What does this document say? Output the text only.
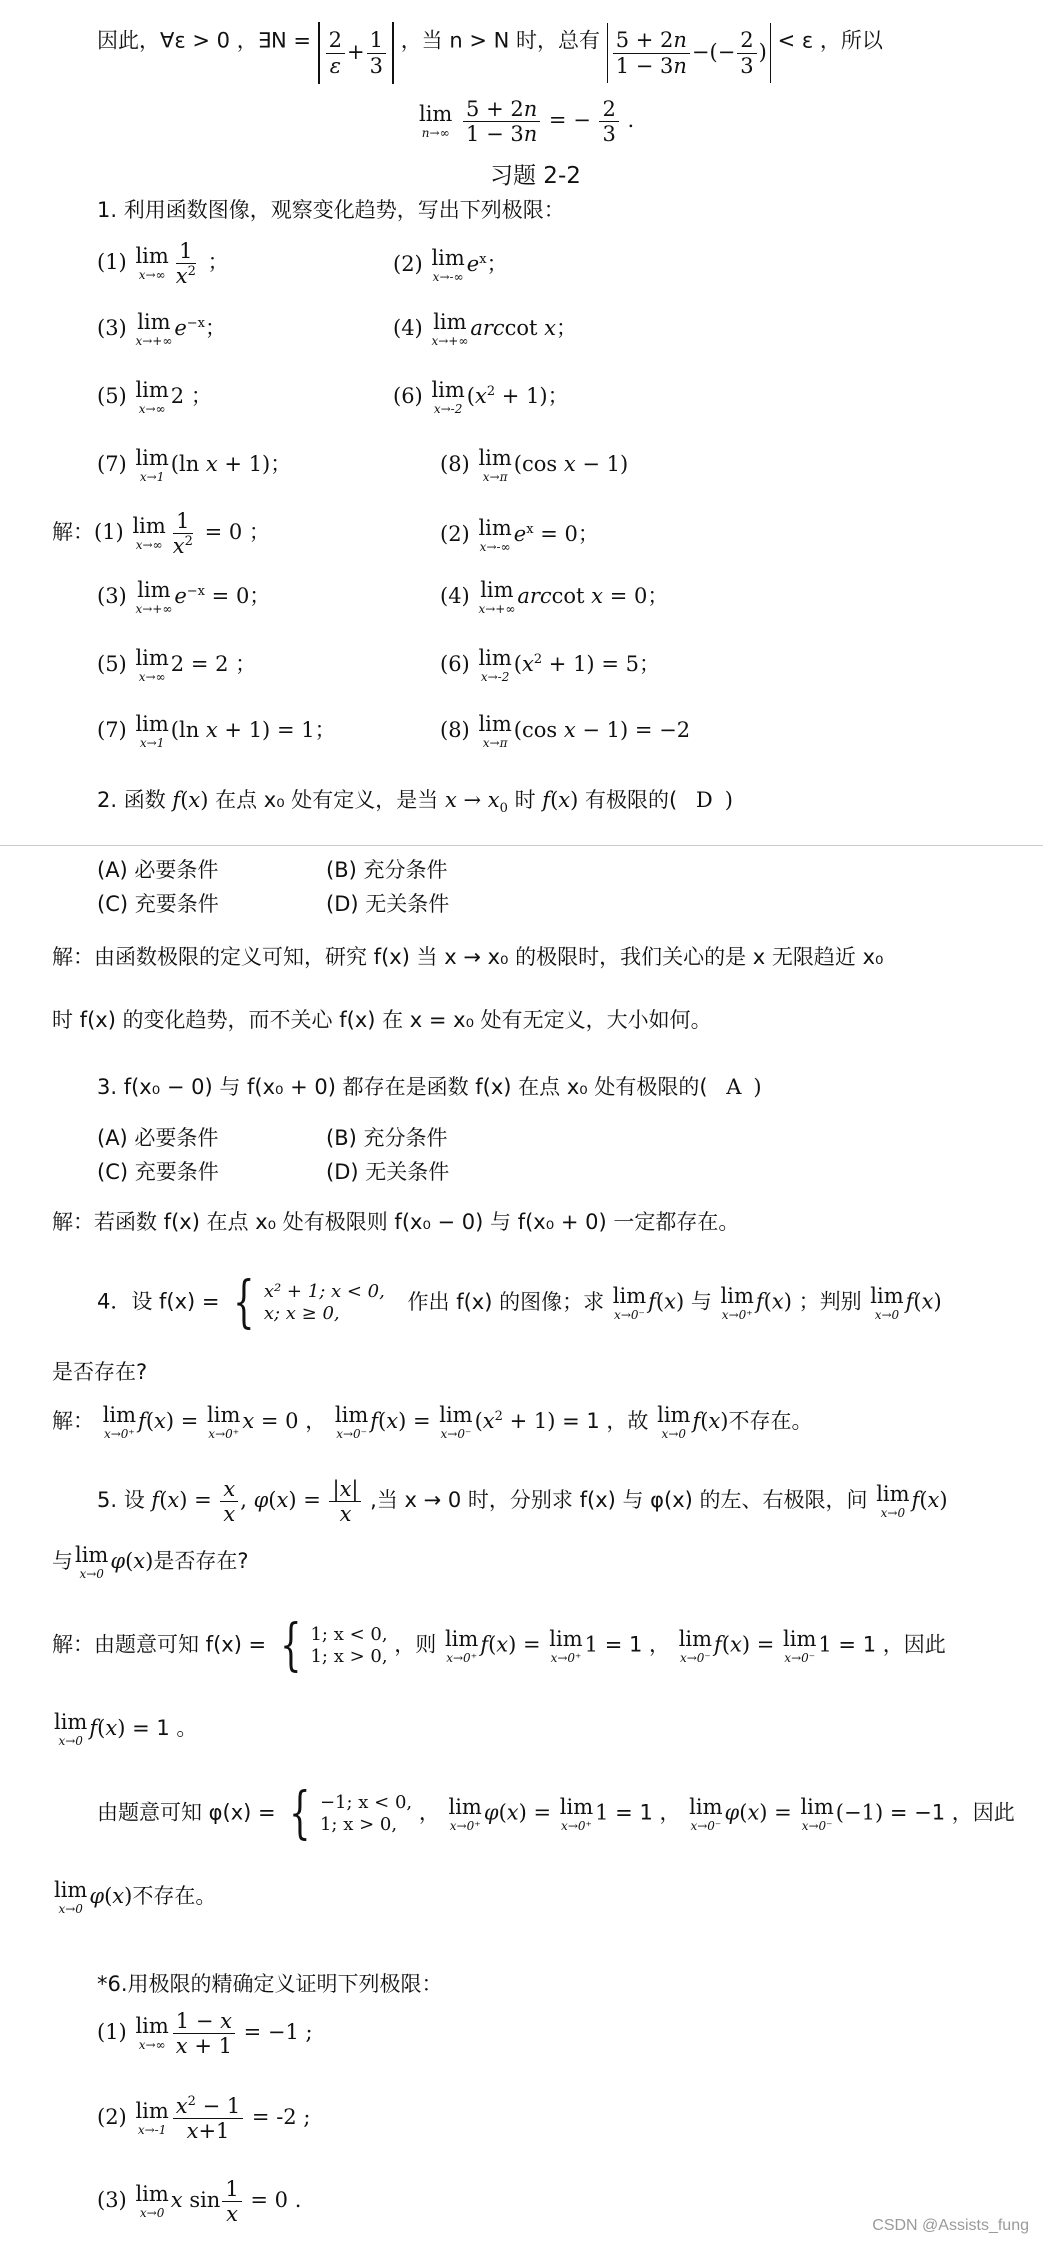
因此，∀ε > 0 ，∃N = $\frac{2}{\varepsilon} + \frac{1}{3}$ ，当 n > N 时，总有 $\frac{5 + 2n}{1 - 3n}$ −(− $\frac{2}{3}$ ) < ε ，所以
lim
n→∞
$\frac{5 + 2n}{1 - 3n}$ = − $\frac{2}{3}$ .
习题 2-2
1. 利用函数图像，观察变化趋势，写出下列极限：
(1) lim
$x\to\infty \frac{1}{x^2}$ ；	(2) lim
x→-∞
$e^x$；
(3) lim
x→+∞
$e^{-x}$；	(4) lim
x→+∞
arccot x；
(5) lim
x→∞
2 ；	(6) lim
x→-2
$(x^2 + 1)$；
(7) lim
x→1
(ln x + 1)；	(8) lim
x→π
(cos x − 1)
解：(1) lim
$x\to\infty \frac{1}{x^2} = 0$ ；	(2) lim
x→-∞
$e^x = 0$；
(3) lim
x→+∞
$e^{-x} = 0$；	(4) lim
x→+∞
arccot x = 0；
(5) lim
x→∞
2 = 2 ；	(6) lim
x→-2
$(x^2 + 1) = 5$；
(7) lim
x→1
(ln x + 1) = 1；	(8) lim
x→π
(cos x − 1) = −2
2. 函数 f(x) 在点 x₀ 处有定义，是当 $x \to x_0$ 时 f(x) 有极限的( D )
(A) 必要条件	(B) 充分条件
(C) 充要条件	(D) 无关条件
解：由函数极限的定义可知，研究 f(x) 当 x → x₀ 的极限时，我们关心的是 x 无限趋近 x₀
时 f(x) 的变化趋势，而不关心 f(x) 在 x = x₀ 处有无定义，大小如何。
3. f(x₀ − 0) 与 f(x₀ + 0) 都存在是函数 f(x) 在点 x₀ 处有极限的( A )
(A) 必要条件	(B) 充分条件
(C) 充要条件	(D) 无关条件
解：若函数 f(x) 在点 x₀ 处有极限则 f(x₀ − 0) 与 f(x₀ + 0) 一定都存在。
4．设 f(x) = { x² + 1; x < 0,
x; x ≥ 0,	作出 f(x) 的图像；求 lim
x→0⁻
f(x) 与 lim
x→0⁺
f(x) ；判别 lim
x→0
f(x)
是否存在?
解： lim
x→0⁺
f(x) = lim
x→0⁺
x = 0 ， lim
x→0⁻
f(x) = lim
x→0⁻
$(x^2 + 1) = 1$ ，故 lim
x→0
f(x)不存在。
5. 设 $f(x) = \frac{x}{x}$ , $\varphi(x) = \frac{|x|}{x}$ ,当 x → 0 时，分别求 f(x) 与 φ(x) 的左、右极限，问 lim
x→0
f(x)
与 lim
x→0
φ(x)是否存在?
解：由题意可知 f(x) = { 1; x < 0,
1; x > 0, ，则 lim
x→0⁺
f(x) = lim
x→0⁺
1 = 1 ， lim
x→0⁻
f(x) = lim
x→0⁻
1 = 1 ，因此
lim
x→0
f(x) = 1 。
由题意可知 φ(x) = { −1; x < 0,
1; x > 0,	， lim
x→0⁺
φ(x) = lim
x→0⁺
1 = 1 ， lim
x→0⁻
φ(x) = lim
x→0⁻
(−1) = −1 ，因此
lim
x→0
φ(x)不存在。
*6.用极限的精确定义证明下列极限：
(1) lim
$x\to\infty \frac{1 - x}{x + 1} = -1$ ;
(2) lim
$x\to-1 \frac{x^2 - 1}{x+1} = -2$ ;
(3) lim
x→0
x $\sin \frac{1}{x} = 0$ .
CSDN @Assists_fung
